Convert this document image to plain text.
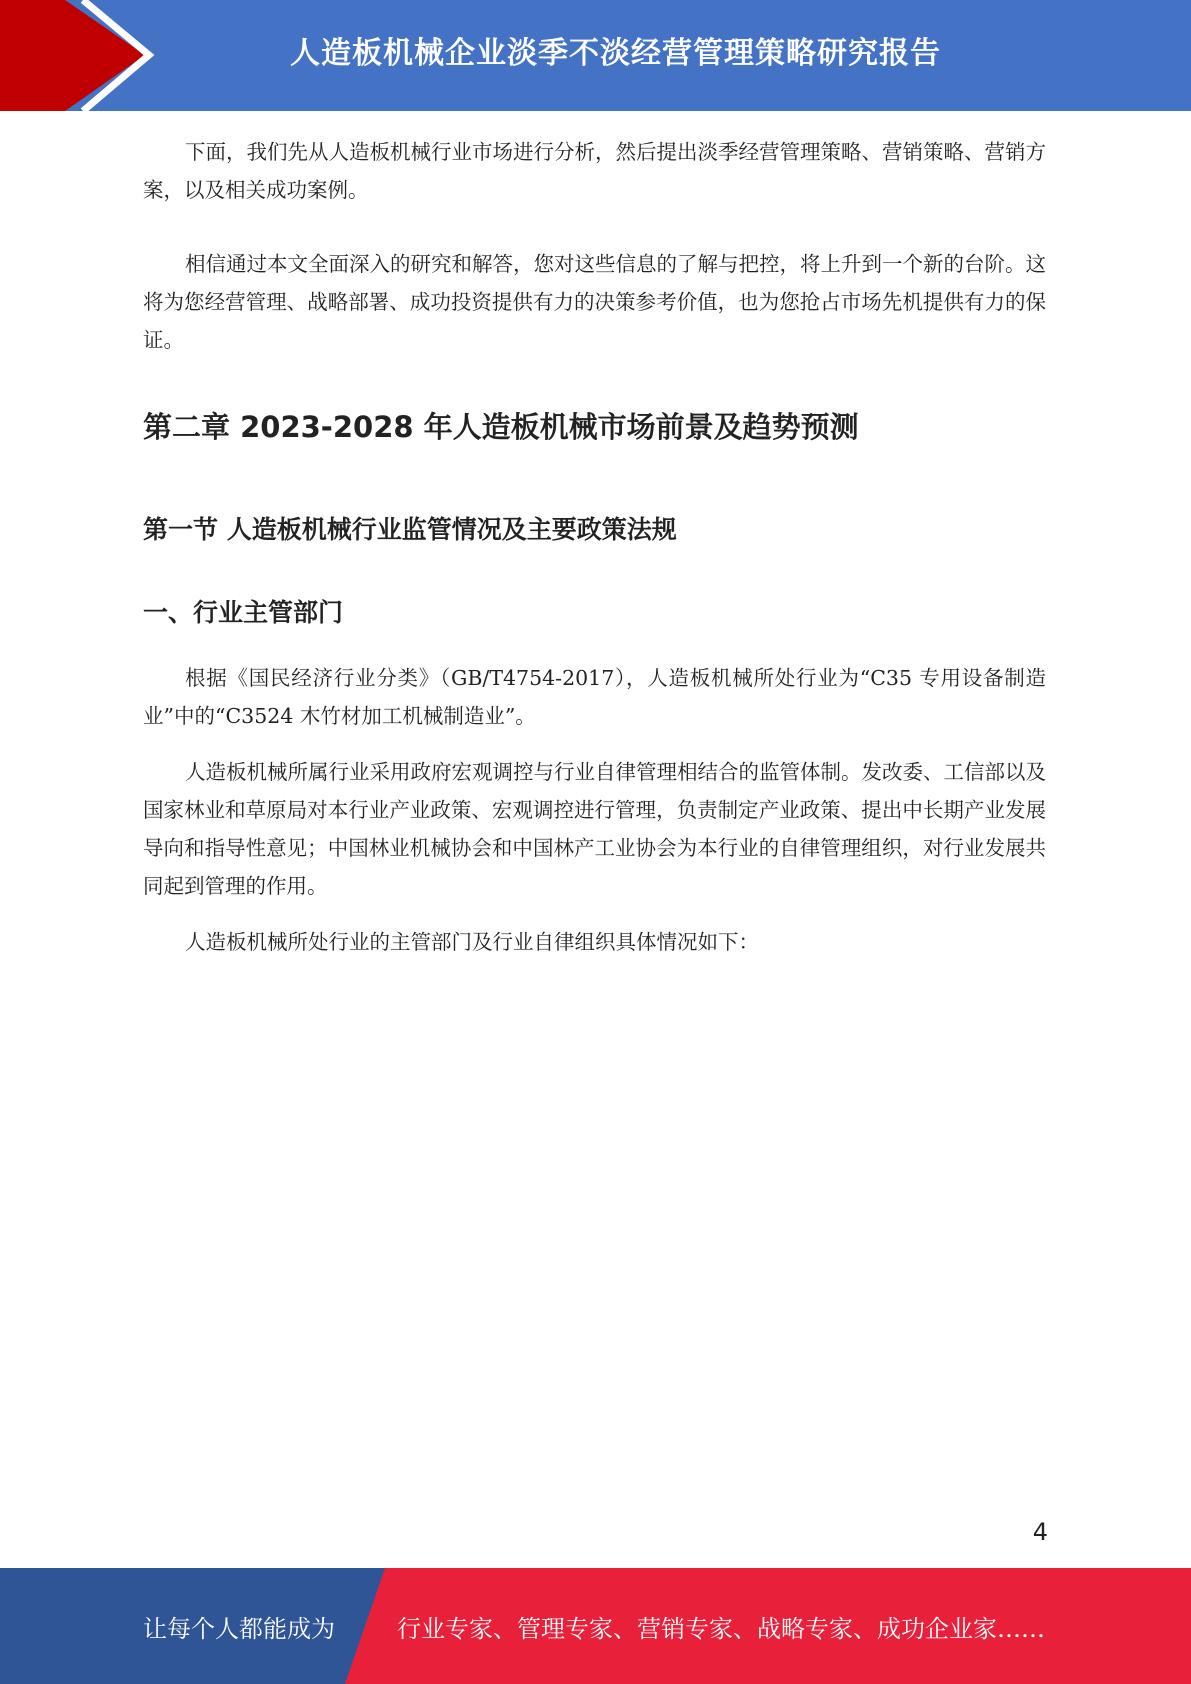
人造板机械企业淡季不淡经营管理策略研究报告

下面，我们先从人造板机械行业市场进行分析，然后提出淡季经营管理策略、营销策略、营销方案，以及相关成功案例。

相信通过本文全面深入的研究和解答，您对这些信息的了解与把控，将上升到一个新的台阶。这将为您经营管理、战略部署、成功投资提供有力的决策参考价值，也为您抢占市场先机提供有力的保证。

第二章 2023-2028 年人造板机械市场前景及趋势预测
第一节 人造板机械行业监管情况及主要政策法规
一、行业主管部门

根据《国民经济行业分类》（GB/T4754-2017），人造板机械所处行业为“C35 专用设备制造业”中的“C3524 木竹材加工机械制造业”。

人造板机械所属行业采用政府宏观调控与行业自律管理相结合的监管体制。发改委、工信部以及国家林业和草原局对本行业产业政策、宏观调控进行管理，负责制定产业政策、提出中长期产业发展导向和指导性意见；中国林业机械协会和中国林产工业协会为本行业的自律管理组织，对行业发展共同起到管理的作用。

人造板机械所处行业的主管部门及行业自律组织具体情况如下：

4
让每个人都能成为	行业专家、管理专家、营销专家、战略专家、成功企业家……
